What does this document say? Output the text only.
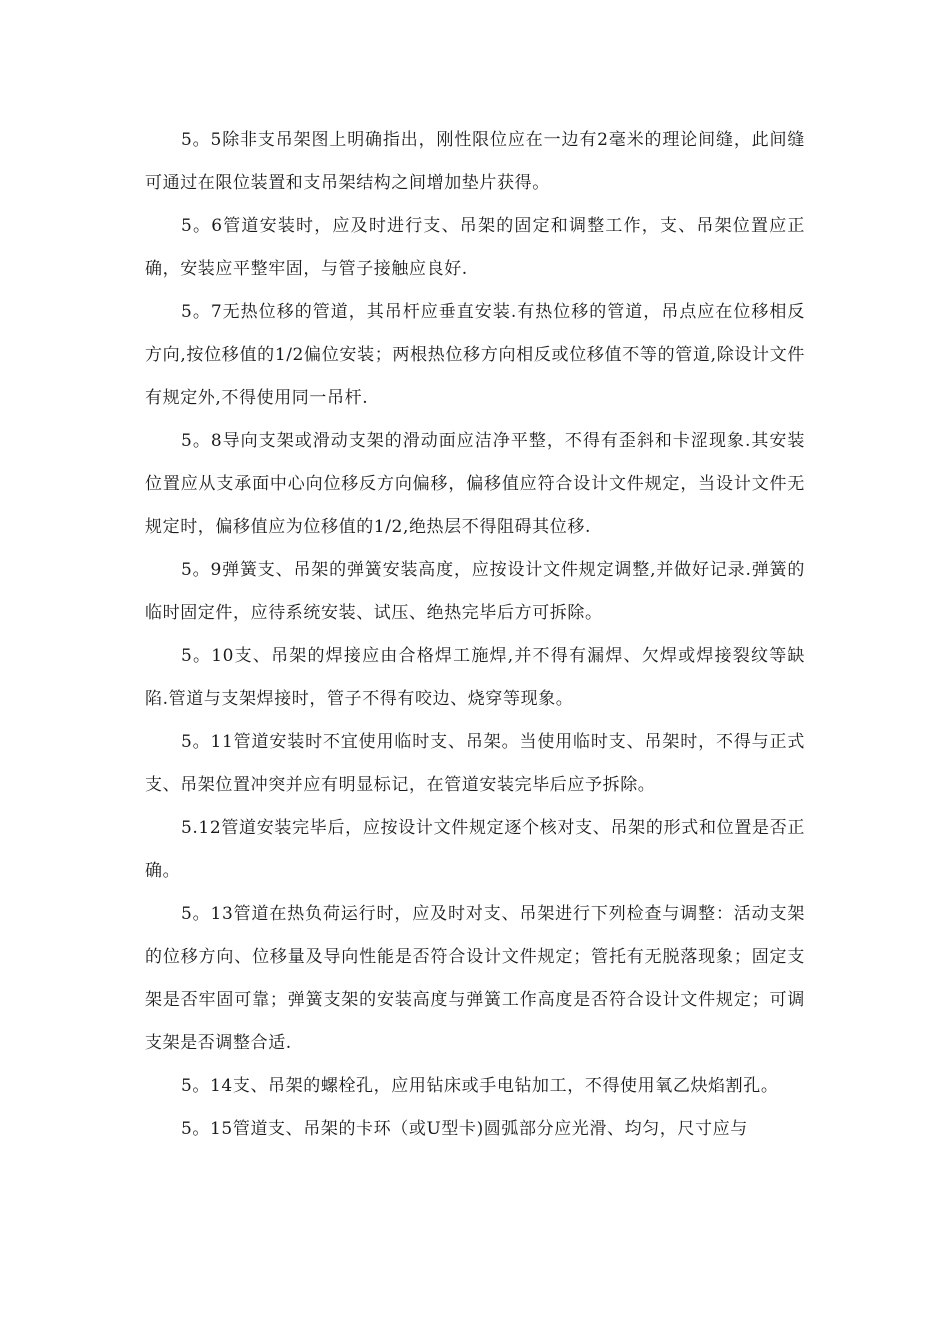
5。5除非支吊架图上明确指出，刚性限位应在一边有2毫米的理论间缝，此间缝可通过在限位装置和支吊架结构之间增加垫片获得。

5。6管道安装时，应及时进行支、吊架的固定和调整工作，支、吊架位置应正确，安装应平整牢固，与管子接触应良好.

5。7无热位移的管道，其吊杆应垂直安装.有热位移的管道，吊点应在位移相反方向,按位移值的1/2偏位安装；两根热位移方向相反或位移值不等的管道,除设计文件有规定外,不得使用同一吊杆.

5。8导向支架或滑动支架的滑动面应洁净平整，不得有歪斜和卡涩现象.其安装位置应从支承面中心向位移反方向偏移，偏移值应符合设计文件规定，当设计文件无规定时，偏移值应为位移值的1/2,绝热层不得阻碍其位移.

5。9弹簧支、吊架的弹簧安装高度，应按设计文件规定调整,并做好记录.弹簧的临时固定件，应待系统安装、试压、绝热完毕后方可拆除。

5。10支、吊架的焊接应由合格焊工施焊,并不得有漏焊、欠焊或焊接裂纹等缺陷.管道与支架焊接时，管子不得有咬边、烧穿等现象。

5。11管道安装时不宜使用临时支、吊架。当使用临时支、吊架时，不得与正式支、吊架位置冲突并应有明显标记，在管道安装完毕后应予拆除。

5.12管道安装完毕后，应按设计文件规定逐个核对支、吊架的形式和位置是否正确。

5。13管道在热负荷运行时，应及时对支、吊架进行下列检查与调整：活动支架的位移方向、位移量及导向性能是否符合设计文件规定；管托有无脱落现象；固定支架是否牢固可靠；弹簧支架的安装高度与弹簧工作高度是否符合设计文件规定；可调支架是否调整合适.

5。14支、吊架的螺栓孔，应用钻床或手电钻加工，不得使用氧乙炔焰割孔。

5。15管道支、吊架的卡环（或U型卡)圆弧部分应光滑、均匀，尺寸应与
